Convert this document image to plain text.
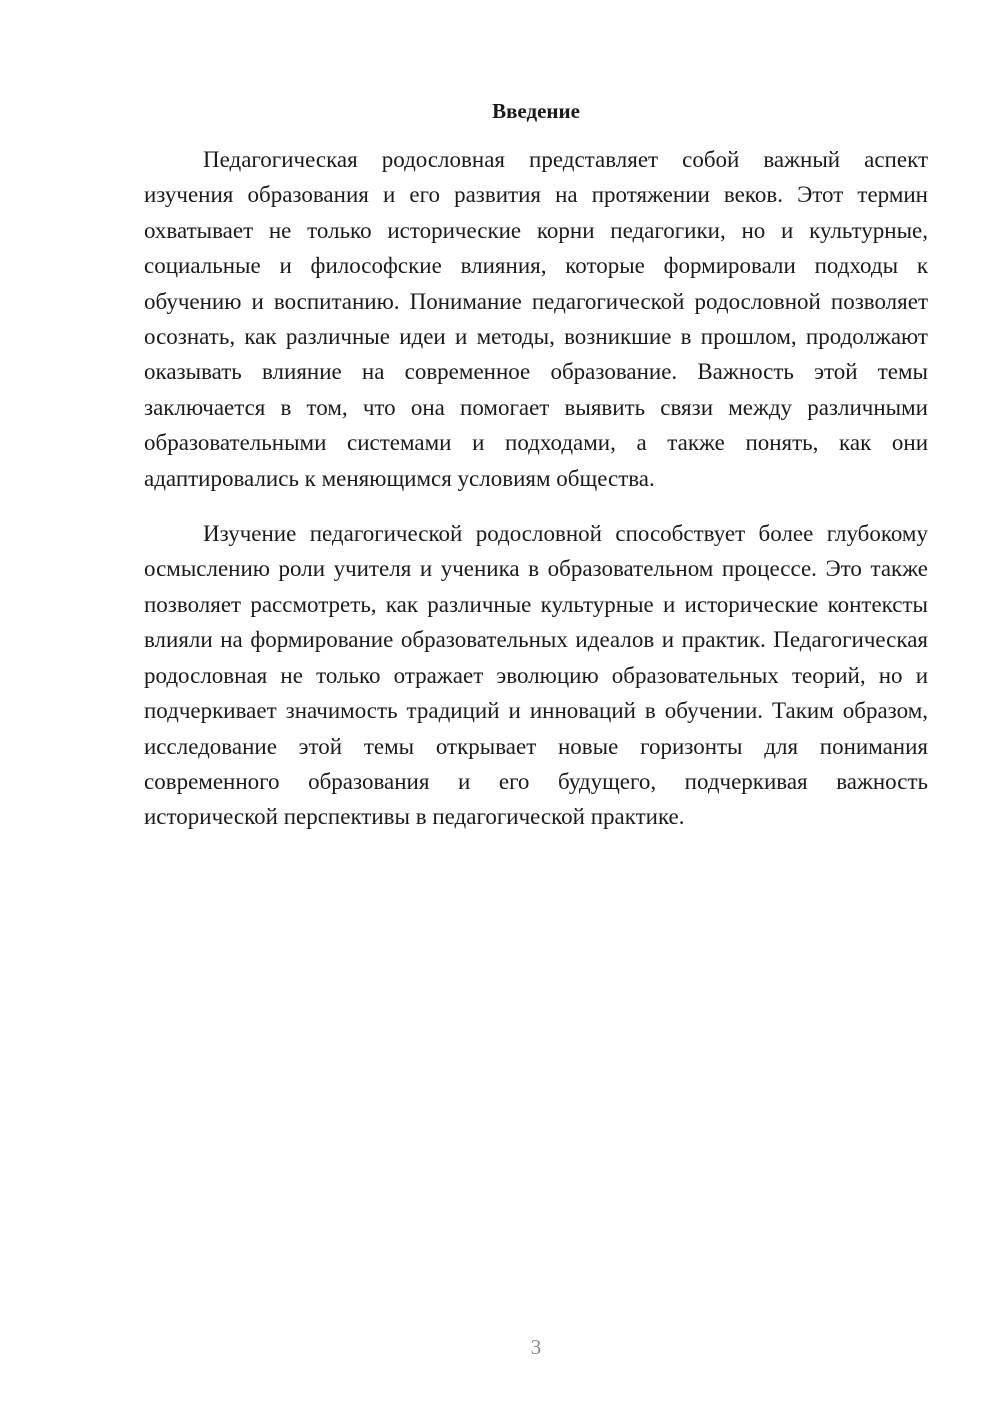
Введение

Педагогическая родословная представляет собой важный аспект изучения образования и его развития на протяжении веков. Этот термин охватывает не только исторические корни педагогики, но и культурные, социальные и философские влияния, которые формировали подходы к обучению и воспитанию. Понимание педагогической родословной позволяет осознать, как различные идеи и методы, возникшие в прошлом, продолжают оказывать влияние на современное образование. Важность этой темы заключается в том, что она помогает выявить связи между различными образовательными системами и подходами, а также понять, как они адаптировались к меняющимся условиям общества.

Изучение педагогической родословной способствует более глубокому осмыслению роли учителя и ученика в образовательном процессе. Это также позволяет рассмотреть, как различные культурные и исторические контексты влияли на формирование образовательных идеалов и практик. Педагогическая родословная не только отражает эволюцию образовательных теорий, но и подчеркивает значимость традиций и инноваций в обучении. Таким образом, исследование этой темы открывает новые горизонты для понимания современного образования и его будущего, подчеркивая важность исторической перспективы в педагогической практике.

3
